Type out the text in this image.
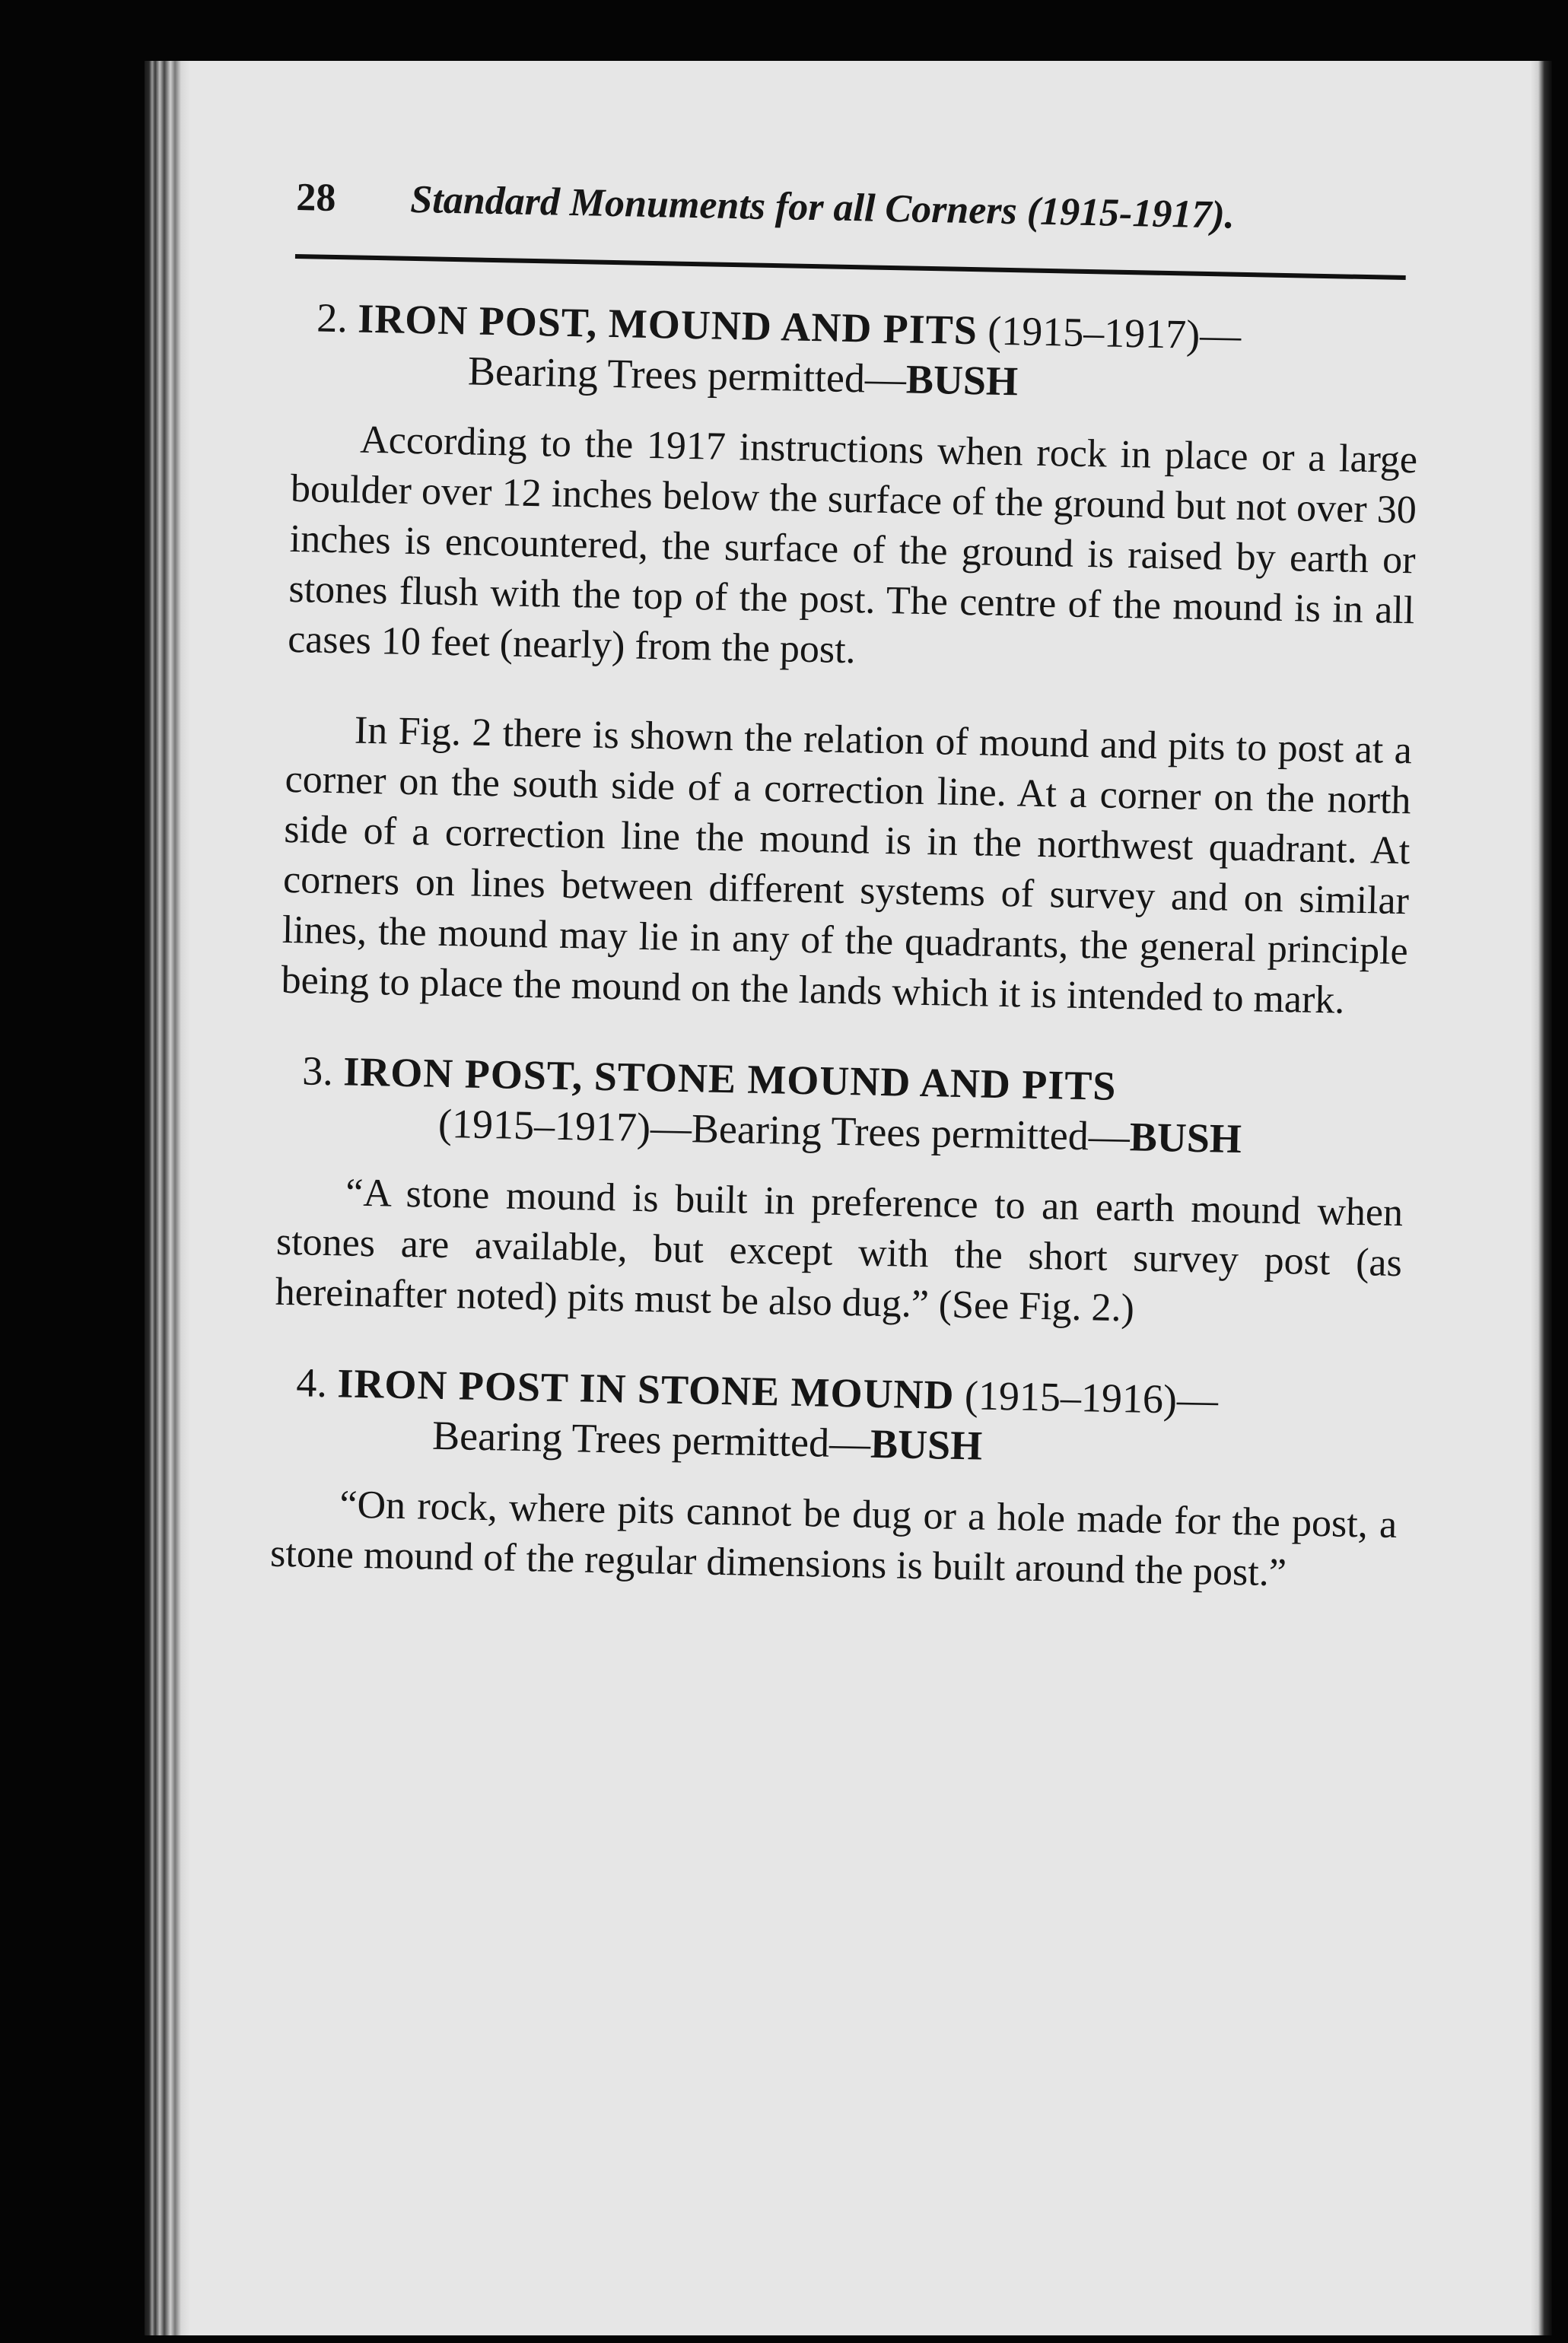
28	Standard Monuments for all Corners (1915-1917).
2. IRON POST, MOUND AND PITS (1915–1917)—
Bearing Trees permitted—BUSH

According to the 1917 instructions when rock in place or a large boulder over 12 inches below the surface of the ground but not over 30 inches is encountered, the surface of the ground is raised by earth or stones flush with the top of the post. The centre of the mound is in all cases 10 feet (nearly) from the post.

In Fig. 2 there is shown the relation of mound and pits to post at a corner on the south side of a correction line. At a corner on the north side of a correction line the mound is in the northwest quadrant. At corners on lines between different systems of survey and on similar lines, the mound may lie in any of the quadrants, the general principle being to place the mound on the lands which it is intended to mark.

3. IRON POST, STONE MOUND AND PITS
(1915–1917)—Bearing Trees permitted—BUSH

“A stone mound is built in preference to an earth mound when stones are available, but except with the short survey post (as hereinafter noted) pits must be also dug.” (See Fig. 2.)

4. IRON POST IN STONE MOUND (1915–1916)—
Bearing Trees permitted—BUSH

“On rock, where pits cannot be dug or a hole made for the post, a stone mound of the regular dimensions is built around the post.”
